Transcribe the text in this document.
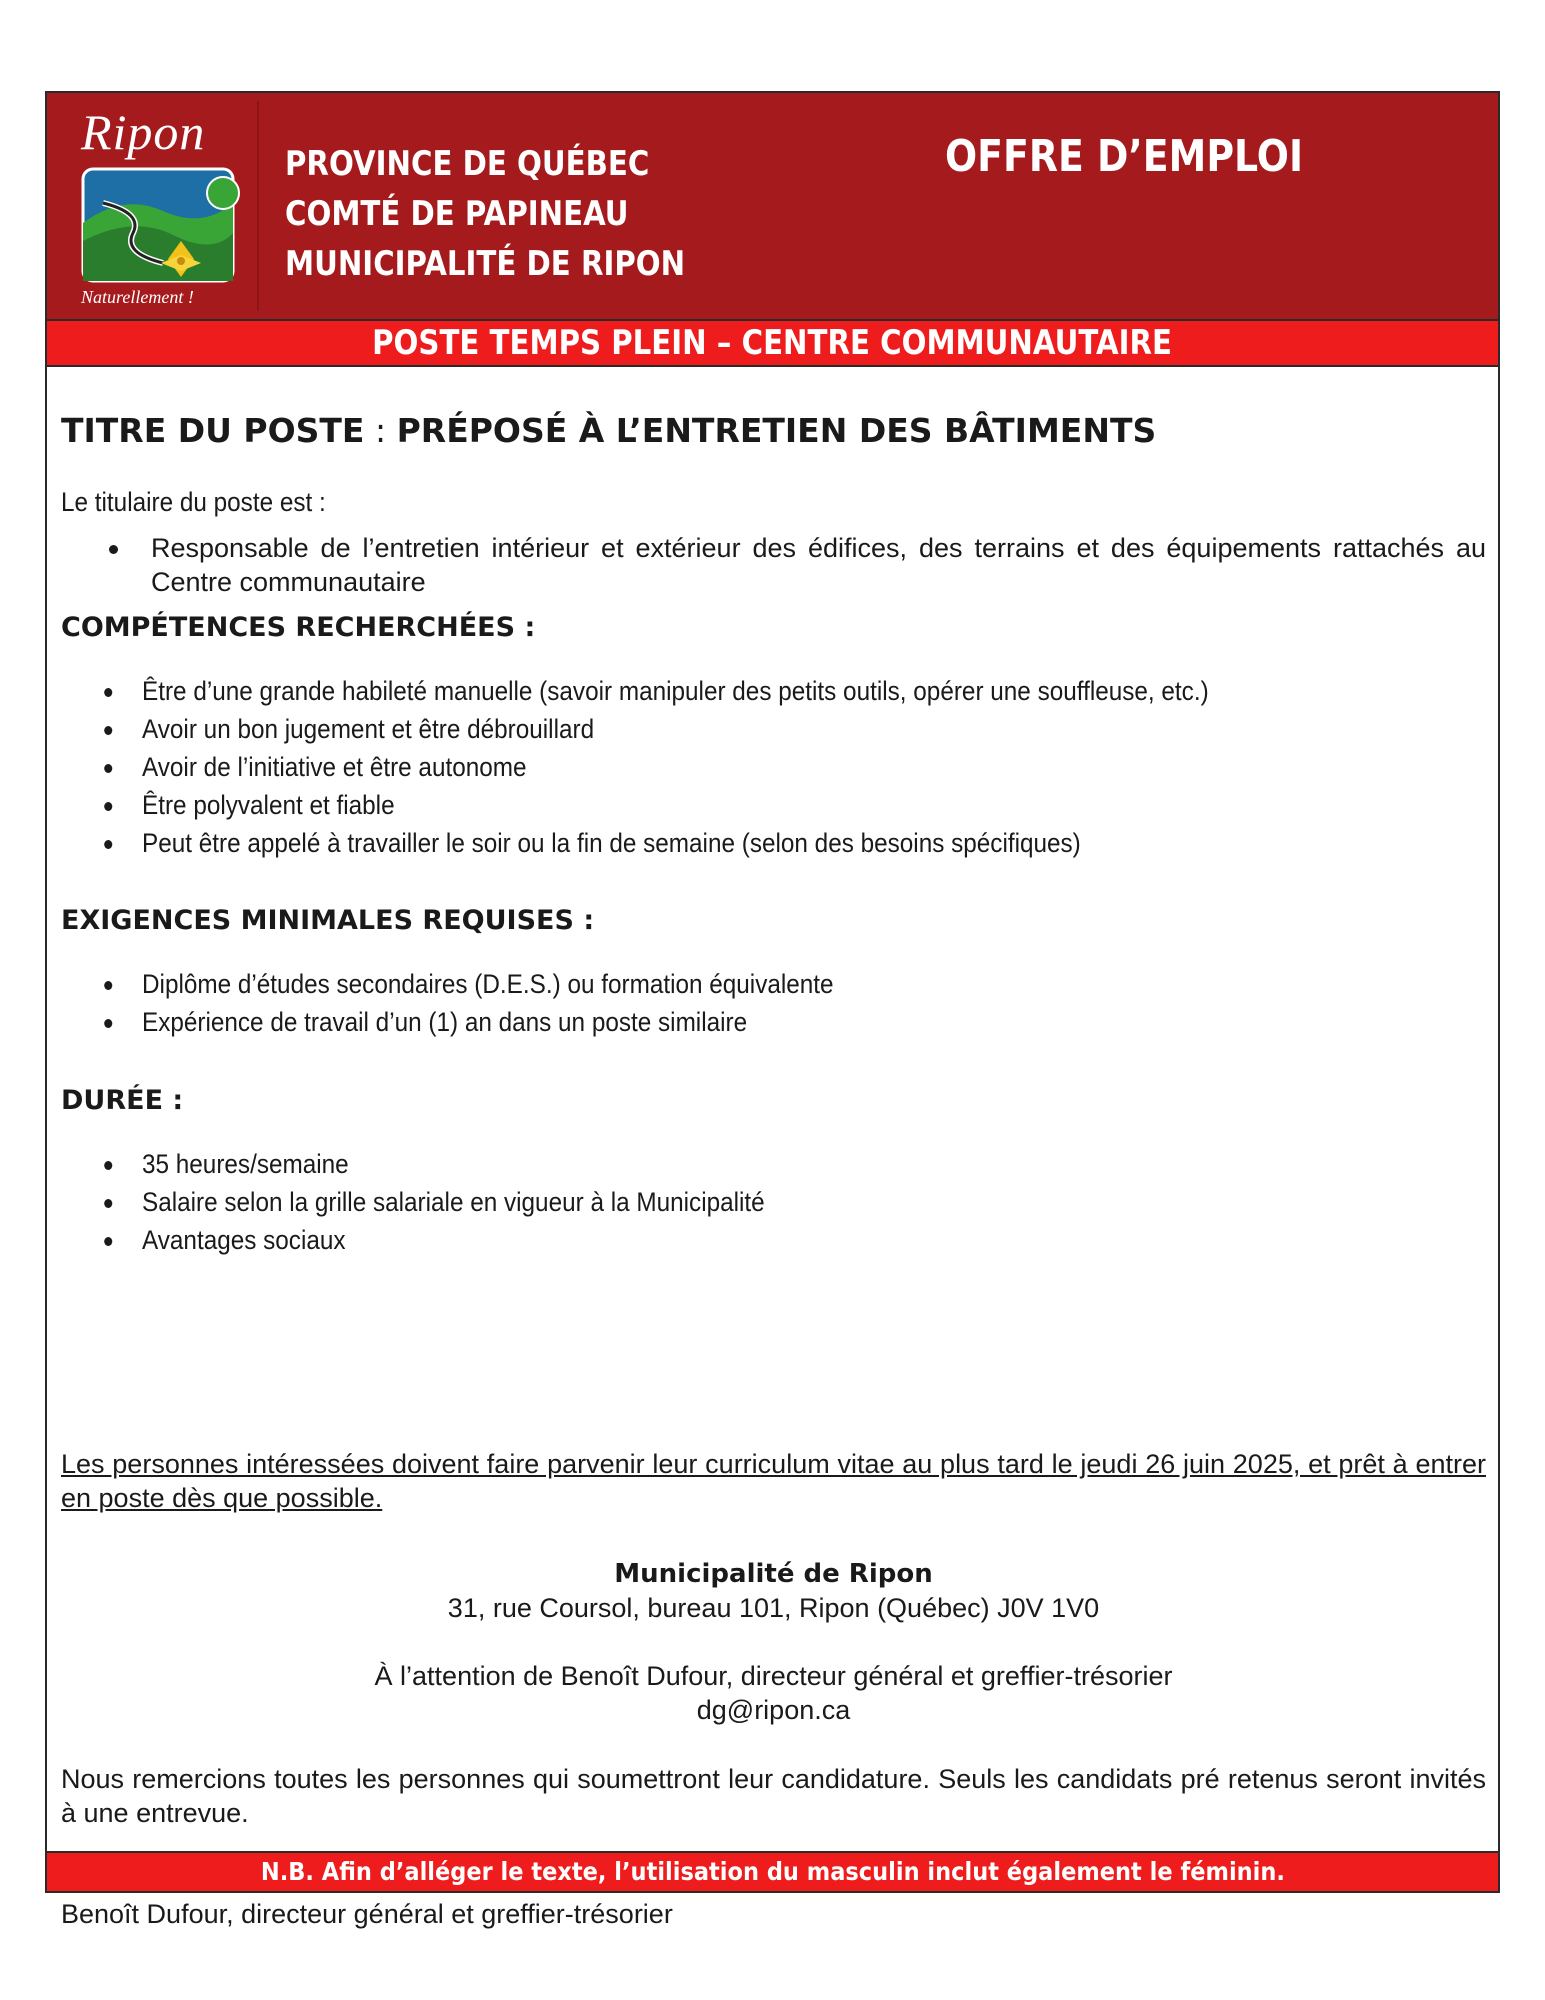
Ripon
Naturellement !
PROVINCE DE QUÉBEC
COMTÉ DE PAPINEAU
MUNICIPALITÉ DE RIPON
OFFRE D’EMPLOI
POSTE TEMPS PLEIN – CENTRE COMMUNAUTAIRE
TITRE DU POSTE : PRÉPOSÉ À L’ENTRETIEN DES BÂTIMENTS
Le titulaire du poste est :
Responsable de l’entretien intérieur et extérieur des édifices, des terrains et des équipements rattachés au Centre communautaire
COMPÉTENCES RECHERCHÉES :
Être d’une grande habileté manuelle (savoir manipuler des petits outils, opérer une souffleuse, etc.)
Avoir un bon jugement et être débrouillard
Avoir de l’initiative et être autonome
Être polyvalent et fiable
Peut être appelé à travailler le soir ou la fin de semaine (selon des besoins spécifiques)
EXIGENCES MINIMALES REQUISES :
Diplôme d’études secondaires (D.E.S.) ou formation équivalente
Expérience de travail d’un (1) an dans un poste similaire
DURÉE :
35 heures/semaine
Salaire selon la grille salariale en vigueur à la Municipalité
Avantages sociaux
Les personnes intéressées doivent faire parvenir leur curriculum vitae au plus tard le jeudi 26 juin 2025, et prêt à entrer en poste dès que possible.
Municipalité de Ripon
31, rue Coursol, bureau 101, Ripon (Québec) J0V 1V0
À l’attention de Benoît Dufour, directeur général et greffier-trésorier
dg@ripon.ca
Nous remercions toutes les personnes qui soumettront leur candidature. Seuls les candidats pré retenus seront invités à une entrevue.
Benoît Dufour, directeur général et greffier-trésorier
N.B. Afin d’alléger le texte, l’utilisation du masculin inclut également le féminin.
